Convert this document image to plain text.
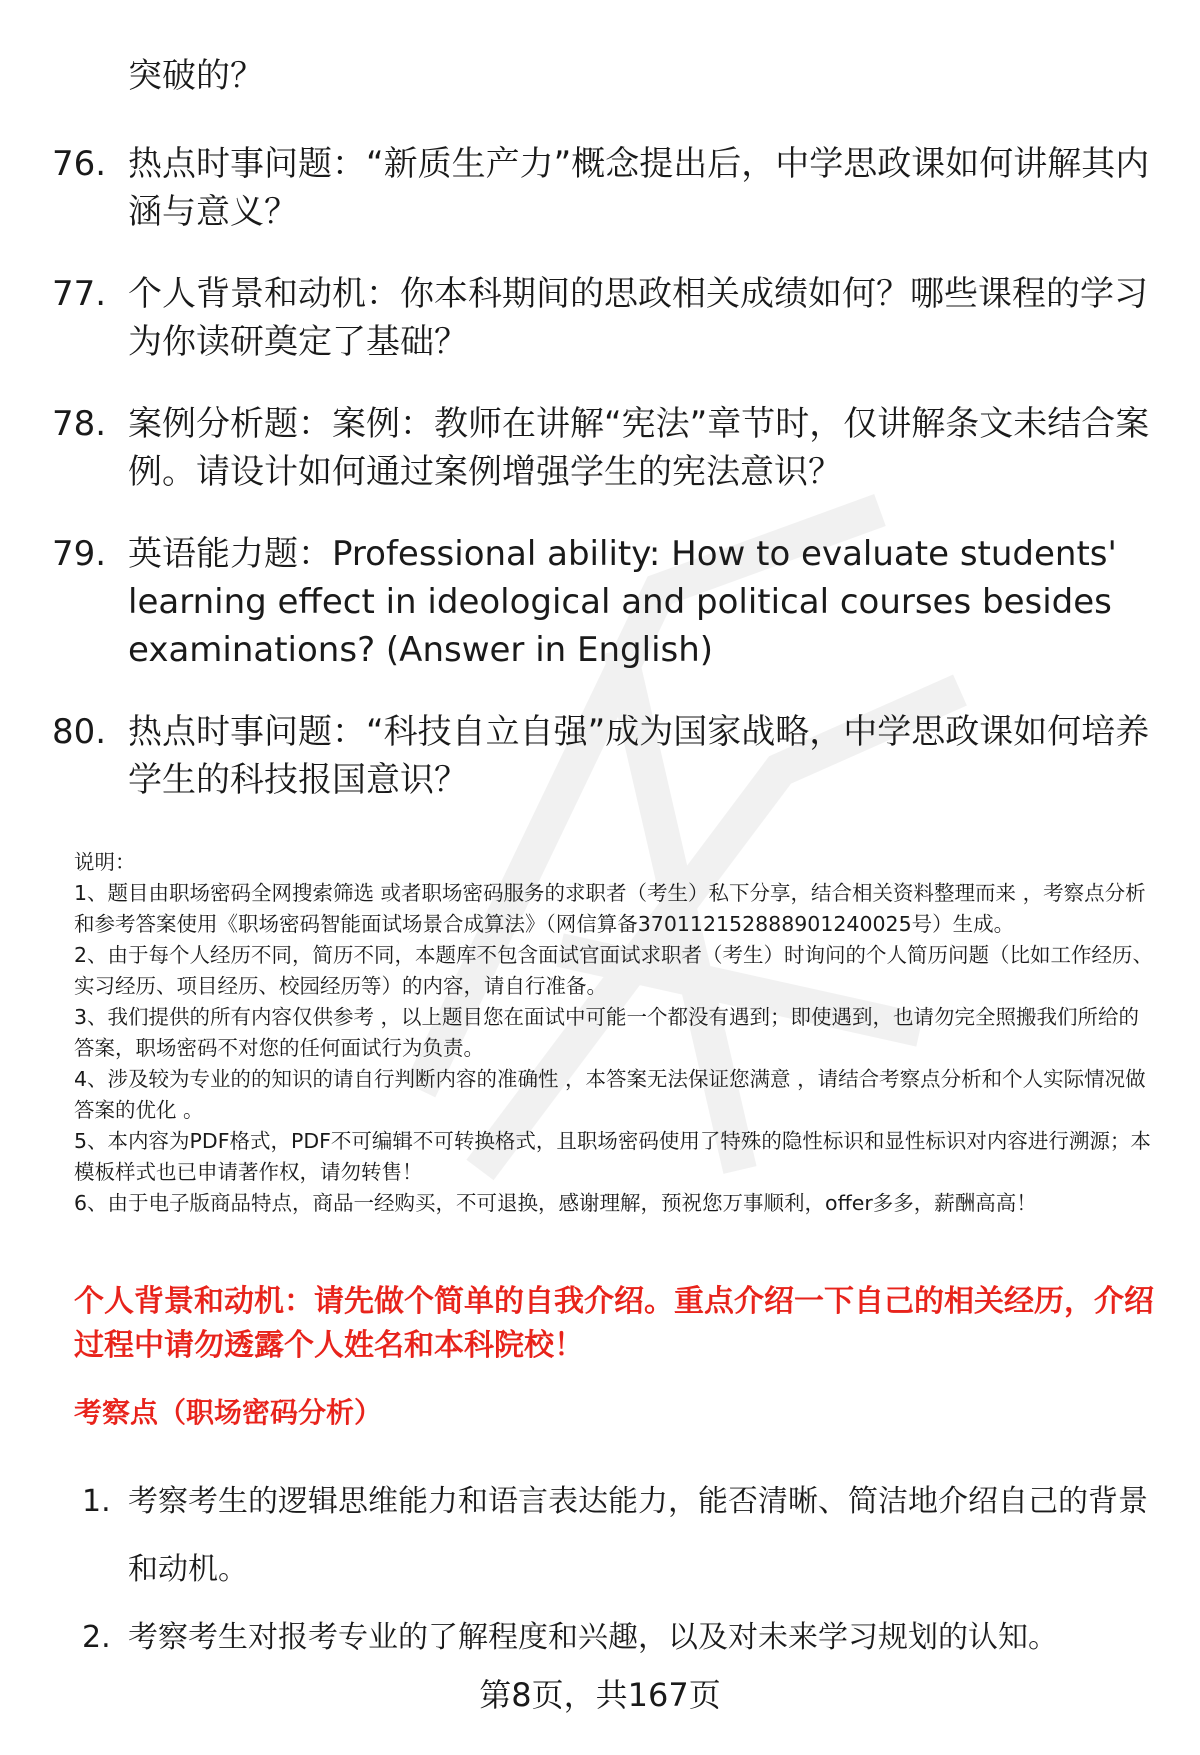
突破的？
76. 热点时事问题：“新质生产力”概念提出后，中学思政课如何讲解其内涵与意义？
77. 个人背景和动机：你本科期间的思政相关成绩如何？哪些课程的学习为你读研奠定了基础？
78. 案例分析题：案例：教师在讲解“宪法”章节时，仅讲解条文未结合案例。请设计如何通过案例增强学生的宪法意识？
79. 英语能力题：Professional ability: How to evaluate students' learning effect in ideological and political courses besides examinations? (Answer in English)
80. 热点时事问题：“科技自立自强”成为国家战略，中学思政课如何培养学生的科技报国意识？

说明：

1、题目由职场密码全网搜索筛选 或者职场密码服务的求职者（考生）私下分享，结合相关资料整理而来 ，考察点分析和参考答案使用《职场密码智能面试场景合成算法》（网信算备370112152888901240025号）生成。

2、由于每个人经历不同，简历不同，本题库不包含面试官面试求职者（考生）时询问的个人简历问题（比如工作经历、实习经历、项目经历、校园经历等）的内容，请自行准备。

3、我们提供的所有内容仅供参考 ，以上题目您在面试中可能一个都没有遇到；即使遇到，也请勿完全照搬我们所给的答案，职场密码不对您的任何面试行为负责。

4、涉及较为专业的的知识的请自行判断内容的准确性 ，本答案无法保证您满意 ，请结合考察点分析和个人实际情况做答案的优化 。

5、本内容为PDF格式，PDF不可编辑不可转换格式，且职场密码使用了特殊的隐性标识和显性标识对内容进行溯源；本模板样式也已申请著作权，请勿转售！

6、由于电子版商品特点，商品一经购买，不可退换，感谢理解，预祝您万事顺利，offer多多，薪酬高高！

个人背景和动机：请先做个简单的自我介绍。重点介绍一下自己的相关经历，介绍过程中请勿透露个人姓名和本科院校！
考察点（职场密码分析）
1. 考察考生的逻辑思维能力和语言表达能力，能否清晰、简洁地介绍自己的背景和动机。
2. 考察考生对报考专业的了解程度和兴趣，以及对未来学习规划的认知。
第8页，共167页
